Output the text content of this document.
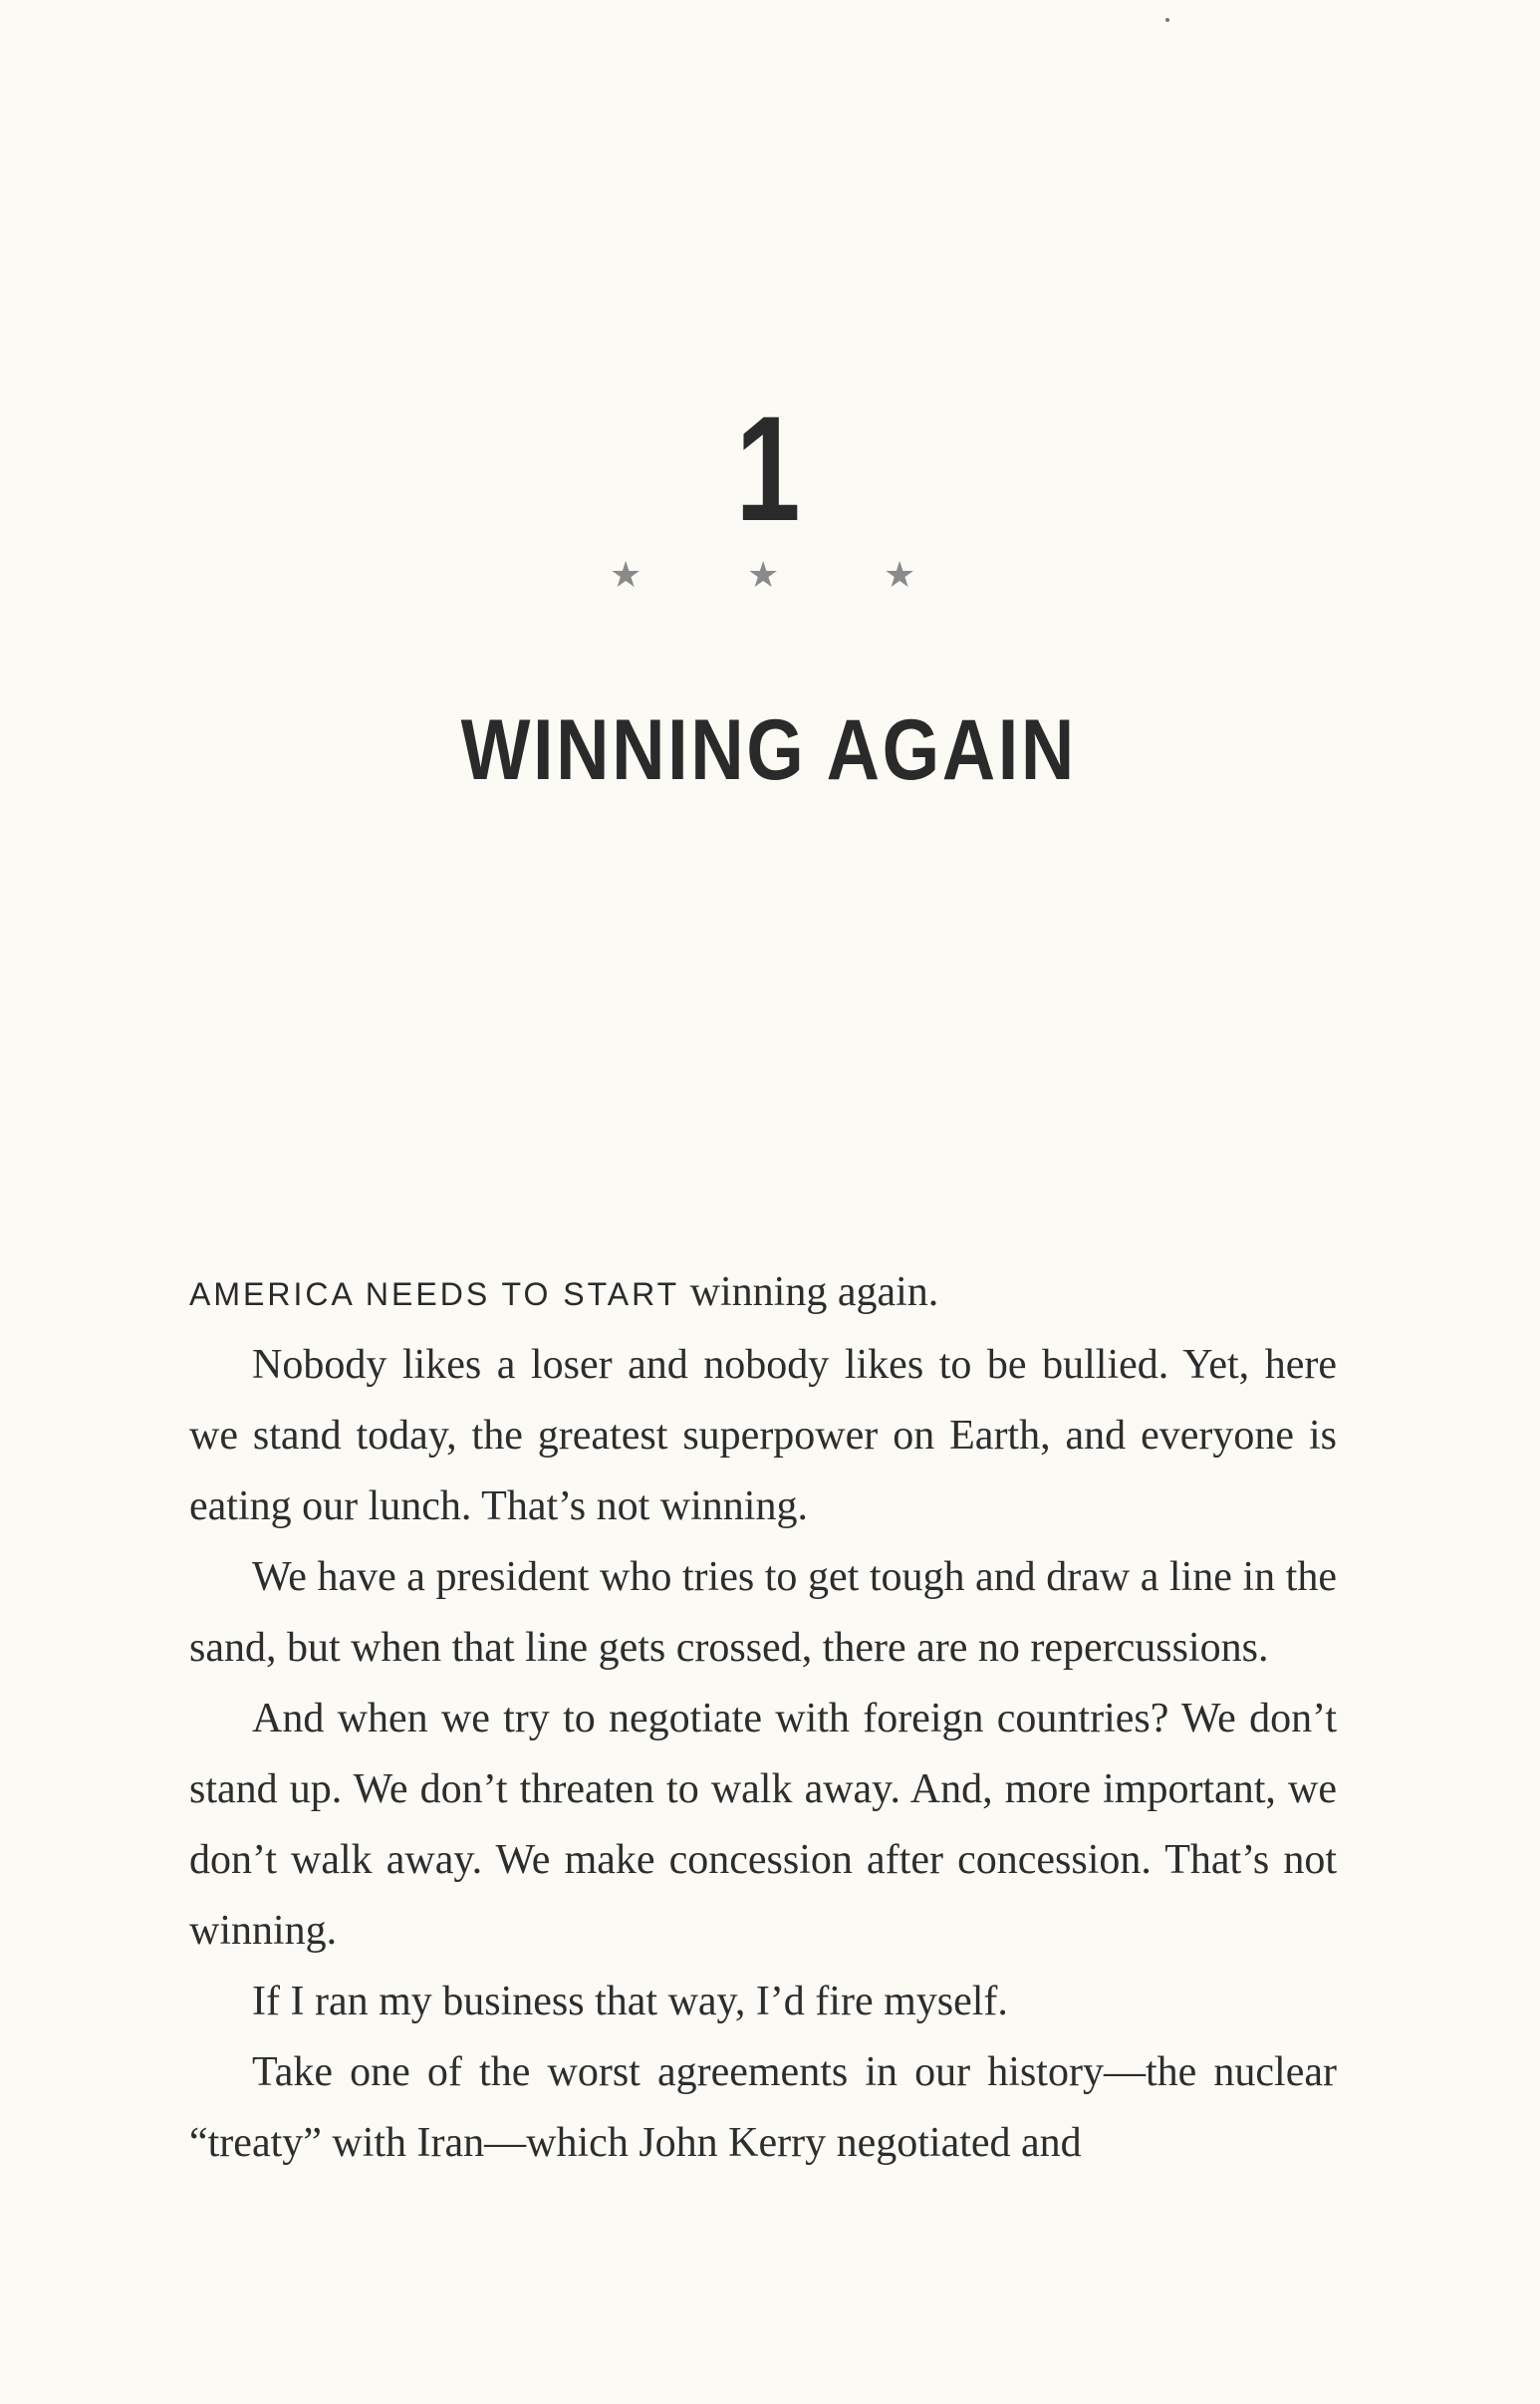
1
★	★	★
WINNING AGAIN

AMERICA NEEDS TO START winning again.

Nobody likes a loser and nobody likes to be bullied. Yet, here we stand today, the greatest superpower on Earth, and everyone is eating our lunch. That’s not winning.

We have a president who tries to get tough and draw a line in the sand, but when that line gets crossed, there are no repercussions.

And when we try to negotiate with foreign countries? We don’t stand up. We don’t threaten to walk away. And, more important, we don’t walk away. We make concession after concession. That’s not winning.

If I ran my business that way, I’d fire myself.

Take one of the worst agreements in our history—the nuclear “treaty” with Iran—which John Kerry negotiated and
